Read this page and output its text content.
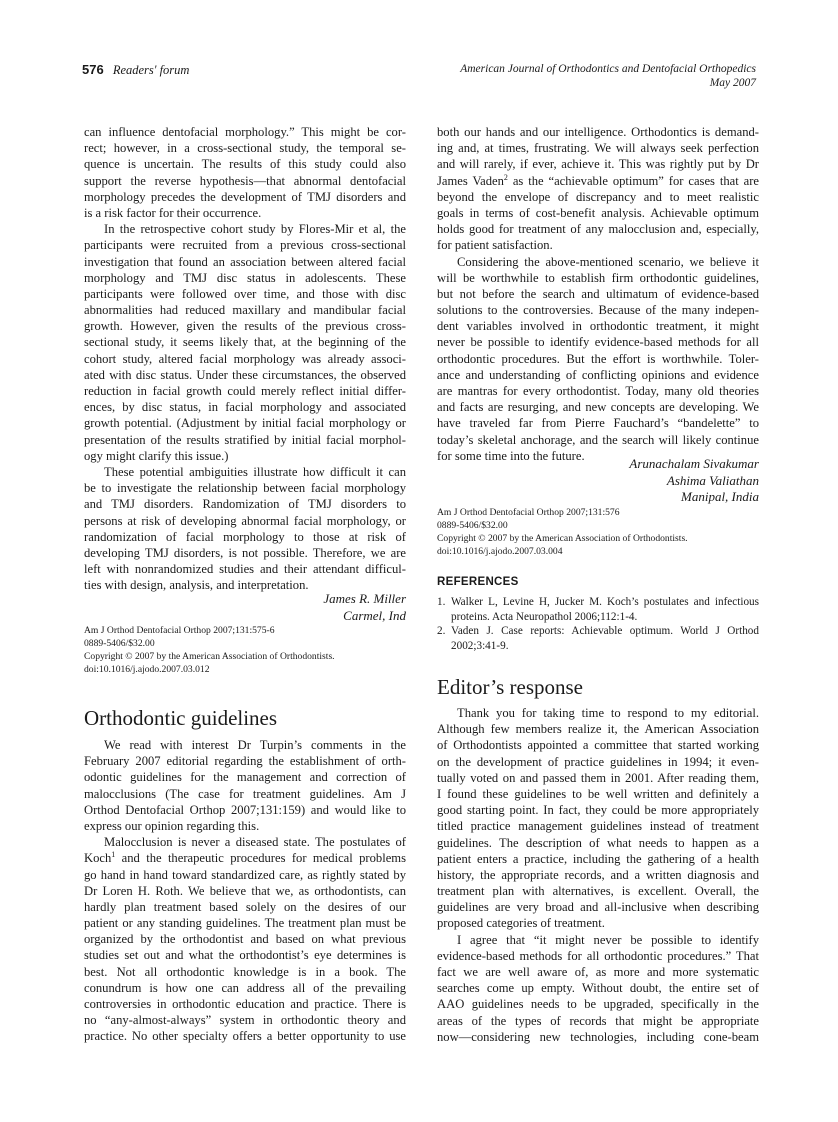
576 Readers' forum	American Journal of Orthodontics and Dentofacial Orthopedics
May 2007
can influence dentofacial morphology.” This might be cor-
rect; however, in a cross-sectional study, the temporal se-
quence is uncertain. The results of this study could also
support the reverse hypothesis—that abnormal dentofacial
morphology precedes the development of TMJ disorders and
is a risk factor for their occurrence.
In the retrospective cohort study by Flores-Mir et al, the
participants were recruited from a previous cross-sectional
investigation that found an association between altered facial
morphology and TMJ disc status in adolescents. These
participants were followed over time, and those with disc
abnormalities had reduced maxillary and mandibular facial
growth. However, given the results of the previous cross-
sectional study, it seems likely that, at the beginning of the
cohort study, altered facial morphology was already associ-
ated with disc status. Under these circumstances, the observed
reduction in facial growth could merely reflect initial differ-
ences, by disc status, in facial morphology and associated
growth potential. (Adjustment by initial facial morphology or
presentation of the results stratified by initial facial morphol-
ogy might clarify this issue.)
These potential ambiguities illustrate how difficult it can
be to investigate the relationship between facial morphology
and TMJ disorders. Randomization of TMJ disorders to
persons at risk of developing abnormal facial morphology, or
randomization of facial morphology to those at risk of
developing TMJ disorders, is not possible. Therefore, we are
left with nonrandomized studies and their attendant difficul-
ties with design, analysis, and interpretation.
James R. Miller
Carmel, Ind
Am J Orthod Dentofacial Orthop 2007;131:575-6
0889-5406/$32.00
Copyright © 2007 by the American Association of Orthodontists.
doi:10.1016/j.ajodo.2007.03.012
Orthodontic guidelines
We read with interest Dr Turpin’s comments in the
February 2007 editorial regarding the establishment of orth-
odontic guidelines for the management and correction of
malocclusions (The case for treatment guidelines. Am J
Orthod Dentofacial Orthop 2007;131:159) and would like to
express our opinion regarding this.
Malocclusion is never a diseased state. The postulates of
Koch$^1$ and the therapeutic procedures for medical problems
go hand in hand toward standardized care, as rightly stated by
Dr Loren H. Roth. We believe that we, as orthodontists, can
hardly plan treatment based solely on the desires of our
patient or any standing guidelines. The treatment plan must be
organized by the orthodontist and based on what previous
studies set out and what the orthodontist’s eye determines is
best. Not all orthodontic knowledge is in a book. The
conundrum is how one can address all of the prevailing
controversies in orthodontic education and practice. There is
no “any-almost-always” system in orthodontic theory and
practice. No other specialty offers a better opportunity to use
both our hands and our intelligence. Orthodontics is demand-
ing and, at times, frustrating. We will always seek perfection
and will rarely, if ever, achieve it. This was rightly put by Dr
James Vaden$^2$ as the “achievable optimum” for cases that are
beyond the envelope of discrepancy and to meet realistic
goals in terms of cost-benefit analysis. Achievable optimum
holds good for treatment of any malocclusion and, especially,
for patient satisfaction.
Considering the above-mentioned scenario, we believe it
will be worthwhile to establish firm orthodontic guidelines,
but not before the search and ultimatum of evidence-based
solutions to the controversies. Because of the many indepen-
dent variables involved in orthodontic treatment, it might
never be possible to identify evidence-based methods for all
orthodontic procedures. But the effort is worthwhile. Toler-
ance and understanding of conflicting opinions and evidence
are mantras for every orthodontist. Today, many old theories
and facts are resurging, and new concepts are developing. We
have traveled far from Pierre Fauchard’s “bandelette” to
today’s skeletal anchorage, and the search will likely continue
for some time into the future.
Arunachalam Sivakumar
Ashima Valiathan
Manipal, India
Am J Orthod Dentofacial Orthop 2007;131:576
0889-5406/$32.00
Copyright © 2007 by the American Association of Orthodontists.
doi:10.1016/j.ajodo.2007.03.004
REFERENCES
1. Walker L, Levine H, Jucker M. Koch’s postulates and infectious
proteins. Acta Neuropathol 2006;112:1-4.
2. Vaden J. Case reports: Achievable optimum. World J Orthod
2002;3:41-9.
Editor’s response
Thank you for taking time to respond to my editorial.
Although few members realize it, the American Association
of Orthodontists appointed a committee that started working
on the development of practice guidelines in 1994; it even-
tually voted on and passed them in 2001. After reading them,
I found these guidelines to be well written and definitely a
good starting point. In fact, they could be more appropriately
titled practice management guidelines instead of treatment
guidelines. The description of what needs to happen as a
patient enters a practice, including the gathering of a health
history, the appropriate records, and a written diagnosis and
treatment plan with alternatives, is excellent. Overall, the
guidelines are very broad and all-inclusive when describing
proposed categories of treatment.
I agree that “it might never be possible to identify
evidence-based methods for all orthodontic procedures.” That
fact we are well aware of, as more and more systematic
searches come up empty. Without doubt, the entire set of
AAO guidelines needs to be upgraded, specifically in the
areas of the types of records that might be appropriate
now—considering new technologies, including cone-beam
